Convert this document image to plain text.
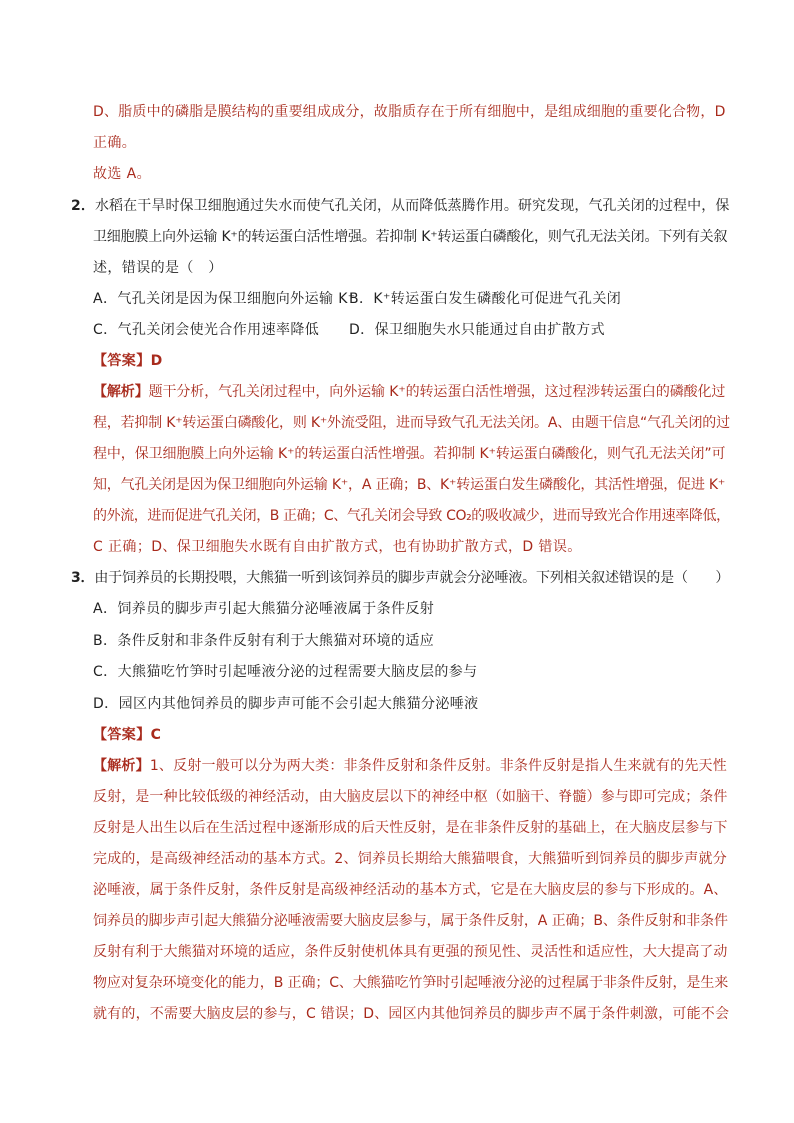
D、脂质中的磷脂是膜结构的重要组成成分，故脂质存在于所有细胞中，是组成细胞的重要化合物，D
正确。
故选 A。
2．水稻在干旱时保卫细胞通过失水而使气孔关闭，从而降低蒸腾作用。研究发现，气孔关闭的过程中，保
卫细胞膜上向外运输 K⁺的转运蛋白活性增强。若抑制 K⁺转运蛋白磷酸化，则气孔无法关闭。下列有关叙
述，错误的是（　）
A．气孔关闭是因为保卫细胞向外运输 K⁺
B．K⁺转运蛋白发生磷酸化可促进气孔关闭
C．气孔关闭会使光合作用速率降低 D．保卫细胞失水只能通过自由扩散方式
【答案】D
【解析】题干分析，气孔关闭过程中，向外运输 K⁺的转运蛋白活性增强，这过程涉转运蛋白的磷酸化过
程，若抑制 K⁺转运蛋白磷酸化，则 K⁺外流受阻，进而导致气孔无法关闭。A、由题干信息“气孔关闭的过
程中，保卫细胞膜上向外运输 K⁺的转运蛋白活性增强。若抑制 K⁺转运蛋白磷酸化，则气孔无法关闭”可
知，气孔关闭是因为保卫细胞向外运输 K⁺，A 正确；B、K⁺转运蛋白发生磷酸化，其活性增强，促进 K⁺
的外流，进而促进气孔关闭，B 正确；C、气孔关闭会导致 CO₂的吸收减少，进而导致光合作用速率降低，
C 正确；D、保卫细胞失水既有自由扩散方式，也有协助扩散方式，D 错误。
3．由于饲养员的长期投喂，大熊猫一听到该饲养员的脚步声就会分泌唾液。下列相关叙述错误的是（　　）
A．饲养员的脚步声引起大熊猫分泌唾液属于条件反射
B．条件反射和非条件反射有利于大熊猫对环境的适应
C．大熊猫吃竹笋时引起唾液分泌的过程需要大脑皮层的参与
D．园区内其他饲养员的脚步声可能不会引起大熊猫分泌唾液
【答案】C
【解析】1、反射一般可以分为两大类：非条件反射和条件反射。非条件反射是指人生来就有的先天性
反射，是一种比较低级的神经活动，由大脑皮层以下的神经中枢（如脑干、脊髓）参与即可完成；条件
反射是人出生以后在生活过程中逐渐形成的后天性反射，是在非条件反射的基础上，在大脑皮层参与下
完成的，是高级神经活动的基本方式。2、饲养员长期给大熊猫喂食，大熊猫听到饲养员的脚步声就分
泌唾液，属于条件反射，条件反射是高级神经活动的基本方式，它是在大脑皮层的参与下形成的。A、
饲养员的脚步声引起大熊猫分泌唾液需要大脑皮层参与，属于条件反射，A 正确；B、条件反射和非条件
反射有利于大熊猫对环境的适应，条件反射使机体具有更强的预见性、灵活性和适应性，大大提高了动
物应对复杂环境变化的能力，B 正确；C、大熊猫吃竹笋时引起唾液分泌的过程属于非条件反射，是生来
就有的，不需要大脑皮层的参与，C 错误；D、园区内其他饲养员的脚步声不属于条件刺激，可能不会
